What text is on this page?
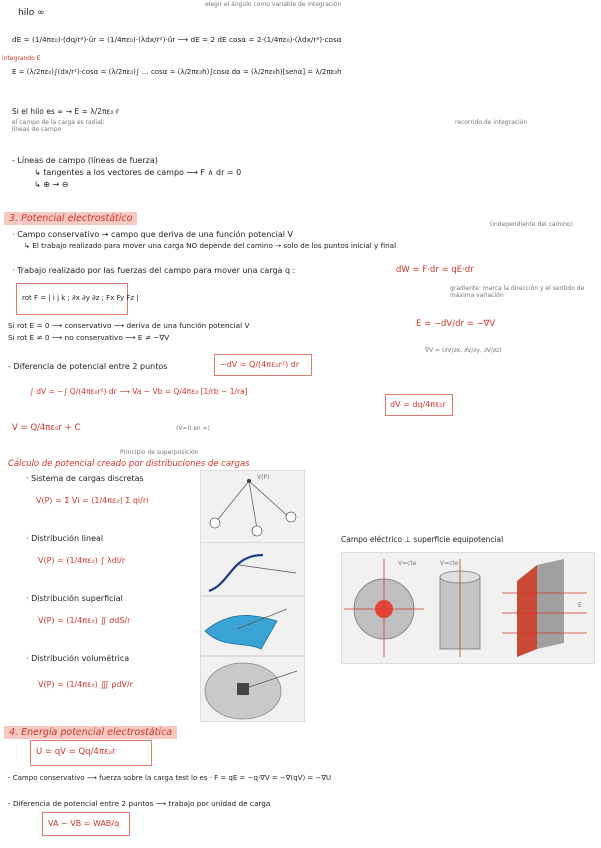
hilo ∞
elegir el ángulo como variable de integración
dE = (1/4πε₀)·(dq/r²)·ûr = (1/4πε₀)·(λdx/r²)·ûr ⟶ dE = 2 dE cosα = 2·(1/4πε₀)·(λdx/r²)·cosα
integrando E
E = (λ/2πε₀)∫(dx/r²)·cosα = (λ/2πε₀)∫ … cosα = (λ/2πε₀h)∫cosα dα = (λ/2πε₀h)[senα] = λ/2πε₀h
Si el hilo es ∞ → E = λ/2πε₀ r
el campo de la carga es radial; líneas de campo
recorrido de integración
- Líneas de campo (líneas de fuerza)
↳ tangentes a los vectores de campo ⟶ F ∧ dr = 0
↳ ⊕ → ⊖
3. Potencial electrostático
· Campo conservativo → campo que deriva de una función potencial V
(independiente del camino)
↳ El trabajo realizado para mover una carga NO depende del camino → solo de los puntos inicial y final
· Trabajo realizado por las fuerzas del campo para mover una carga q :	dW = F·dr = qE·dr
rot F = | i j k ; ∂x ∂y ∂z ; Fx Fy Fz |
gradiente: marca la dirección y el sentido de máxima variación
Si rot E = 0 ⟶ conservativo ⟶ deriva de una función potencial V	E = −dV/dr = −∇V
Si rot E ≠ 0 ⟶ no conservativo ⟶ E ≠ −∇V
∇V = (∂V/∂x, ∂V/∂y, ∂V/∂z)
- Diferencia de potencial entre 2 puntos	−dV = Q/(4πε₀r²) dr
∫ dV = −∫ Q/(4πε₀r²) dr ⟶ Va − Vb = Q/4πε₀ [1/rb − 1/ra]
dV = dq/4πε₀r
V = Q/4πε₀r + C	(V=0 en ∞)
Principio de superposición
Cálculo de potencial creado por distribuciones de cargas
· Sistema de cargas discretas
V(P) = Σ Vi = (1/4πε₀) Σ qi/ri
· Distribución lineal
V(P) = (1/4πε₀) ∫ λdl/r
· Distribución superficial
V(P) = (1/4πε₀) ∬ σdS/r
· Distribución volumétrica
V(P) = (1/4πε₀) ∭ ρdV/r
V(P)
Campo eléctrico ⊥ superficie equipotencial
V=cte	V=cte
E
4. Energía potencial electrostática
U = qV = Qq/4πε₀r
- Campo conservativo ⟶ fuerza sobre la carga test lo es · F = qE = −q·∇V = −∇(qV) = −∇U
- Diferencia de potencial entre 2 puntos ⟶ trabajo por unidad de carga
VA − VB = WAB/q
